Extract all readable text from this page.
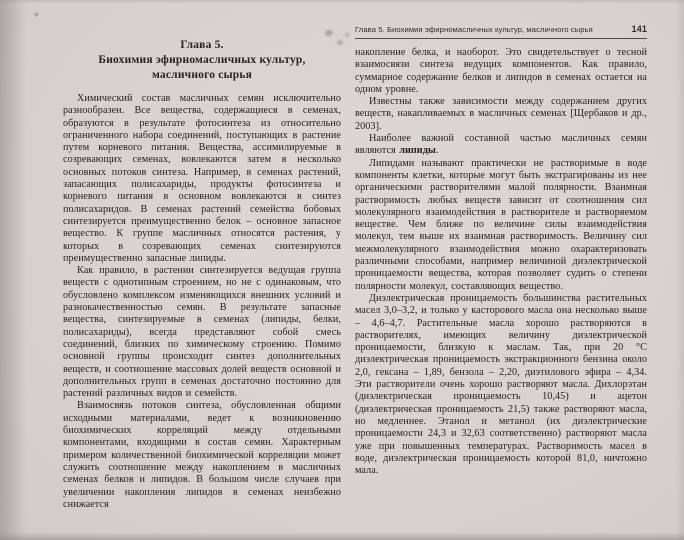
Глава 5.
Биохимия эфирномасличных культур,
масличного сырья

Химический состав масличных семян исключительно разнообразен. Все вещества, содержащиеся в семенах, образуются в результате фотосинтеза из относительно ограниченного набора соединений, поступающих в растение путем корневого питания. Вещества, ассимилируемые в созревающих семенах, вовлекаются затем в несколько основных потоков синтеза. Например, в семенах растений, запасающих полисахариды, продукты фотосинтеза и корневого питания в основном вовлекаются в синтез полисахаридов. В семенах растений семейства бобовых синтезируется преимущественно белок – основное запасное вещество. К группе масличных относятся растения, у которых в созревающих семенах синтезируются преимущественно запасные липиды.

Как правило, в растении синтезируется ведущая группа веществ с однотипным строением, но не с одинаковым, что обусловлено комплексом изменяющихся внешних условий и разнокачественностью семян. В результате запасные вещества, синтезируемые в семенах (липиды, белки, полисахариды), всегда представляют собой смесь соединений, близких по химическому строению. Помимо основной группы происходит синтез дополнительных веществ, и соотношение массовых долей веществ основной и дополнительных групп в семенах достаточно постоянно для растений различных видов и семейств.

Взаимосвязь потоков синтеза, обусловленная общими исходными материалами, ведет к возникновению биохимических корреляций между отдельными компонентами, входящими в состав семян. Характерным примером количественной биохимической корреляции может служить соотношение между накоплением в масличных семенах белков и липидов. В большом числе случаев при увеличении накопления липидов в семенах неизбежно снижается

Глава 5. Биохимия эфирномасличных культур, масличного сырья	141

накопление белка, и наоборот. Это свидетельствует о тесной взаимосвязи синтеза ведущих компонентов. Как правило, суммарное содержание белков и липидов в семенах остается на одном уровне.

Известны также зависимости между содержанием других веществ, накапливаемых в масличных семенах [Щербаков и др., 2003].

Наиболее важной составной частью масличных семян являются липиды.

Липидами называют практически не растворимые в воде компоненты клетки, которые могут быть экстрагированы из нее органическими растворителями малой полярности. Взаимная растворимость любых веществ зависит от соотношения сил молекулярного взаимодействия в растворителе и растворяемом веществе. Чем ближе по величине силы взаимодействия молекул, тем выше их взаимная растворимость. Величину сил межмолекулярного взаимодействия можно охарактеризовать различными способами, например величиной диэлектрической проницаемости вещества, которая позволяет судить о степени полярности молекул, составляющих вещество.

Диэлектрическая проницаемость большинства растительных масел 3,0–3,2, и только у касторового масла она несколько выше – 4,6–4,7. Растительные масла хорошо растворяются в растворителях, имеющих величину диэлектрической проницаемости, близкую к маслам. Так, при 20 °С диэлектрическая проницаемость экстракционного бензина около 2,0, гексана – 1,89, бензола – 2,20, диэтилового эфира – 4,34. Эти растворители очень хорошо растворяют масла. Дихлорэтан (диэлектрическая проницаемость 10,45) и ацетон (диэлектрическая проницаемость 21,5) также растворяют масла, но медленнее. Этанол и метанол (их диэлектрические проницаемости 24,3 и 32,63 соответственно) растворяют масла уже при повышенных температурах. Растворимость масел в воде, диэлектрическая проницаемость которой 81,0, ничтожно мала.
